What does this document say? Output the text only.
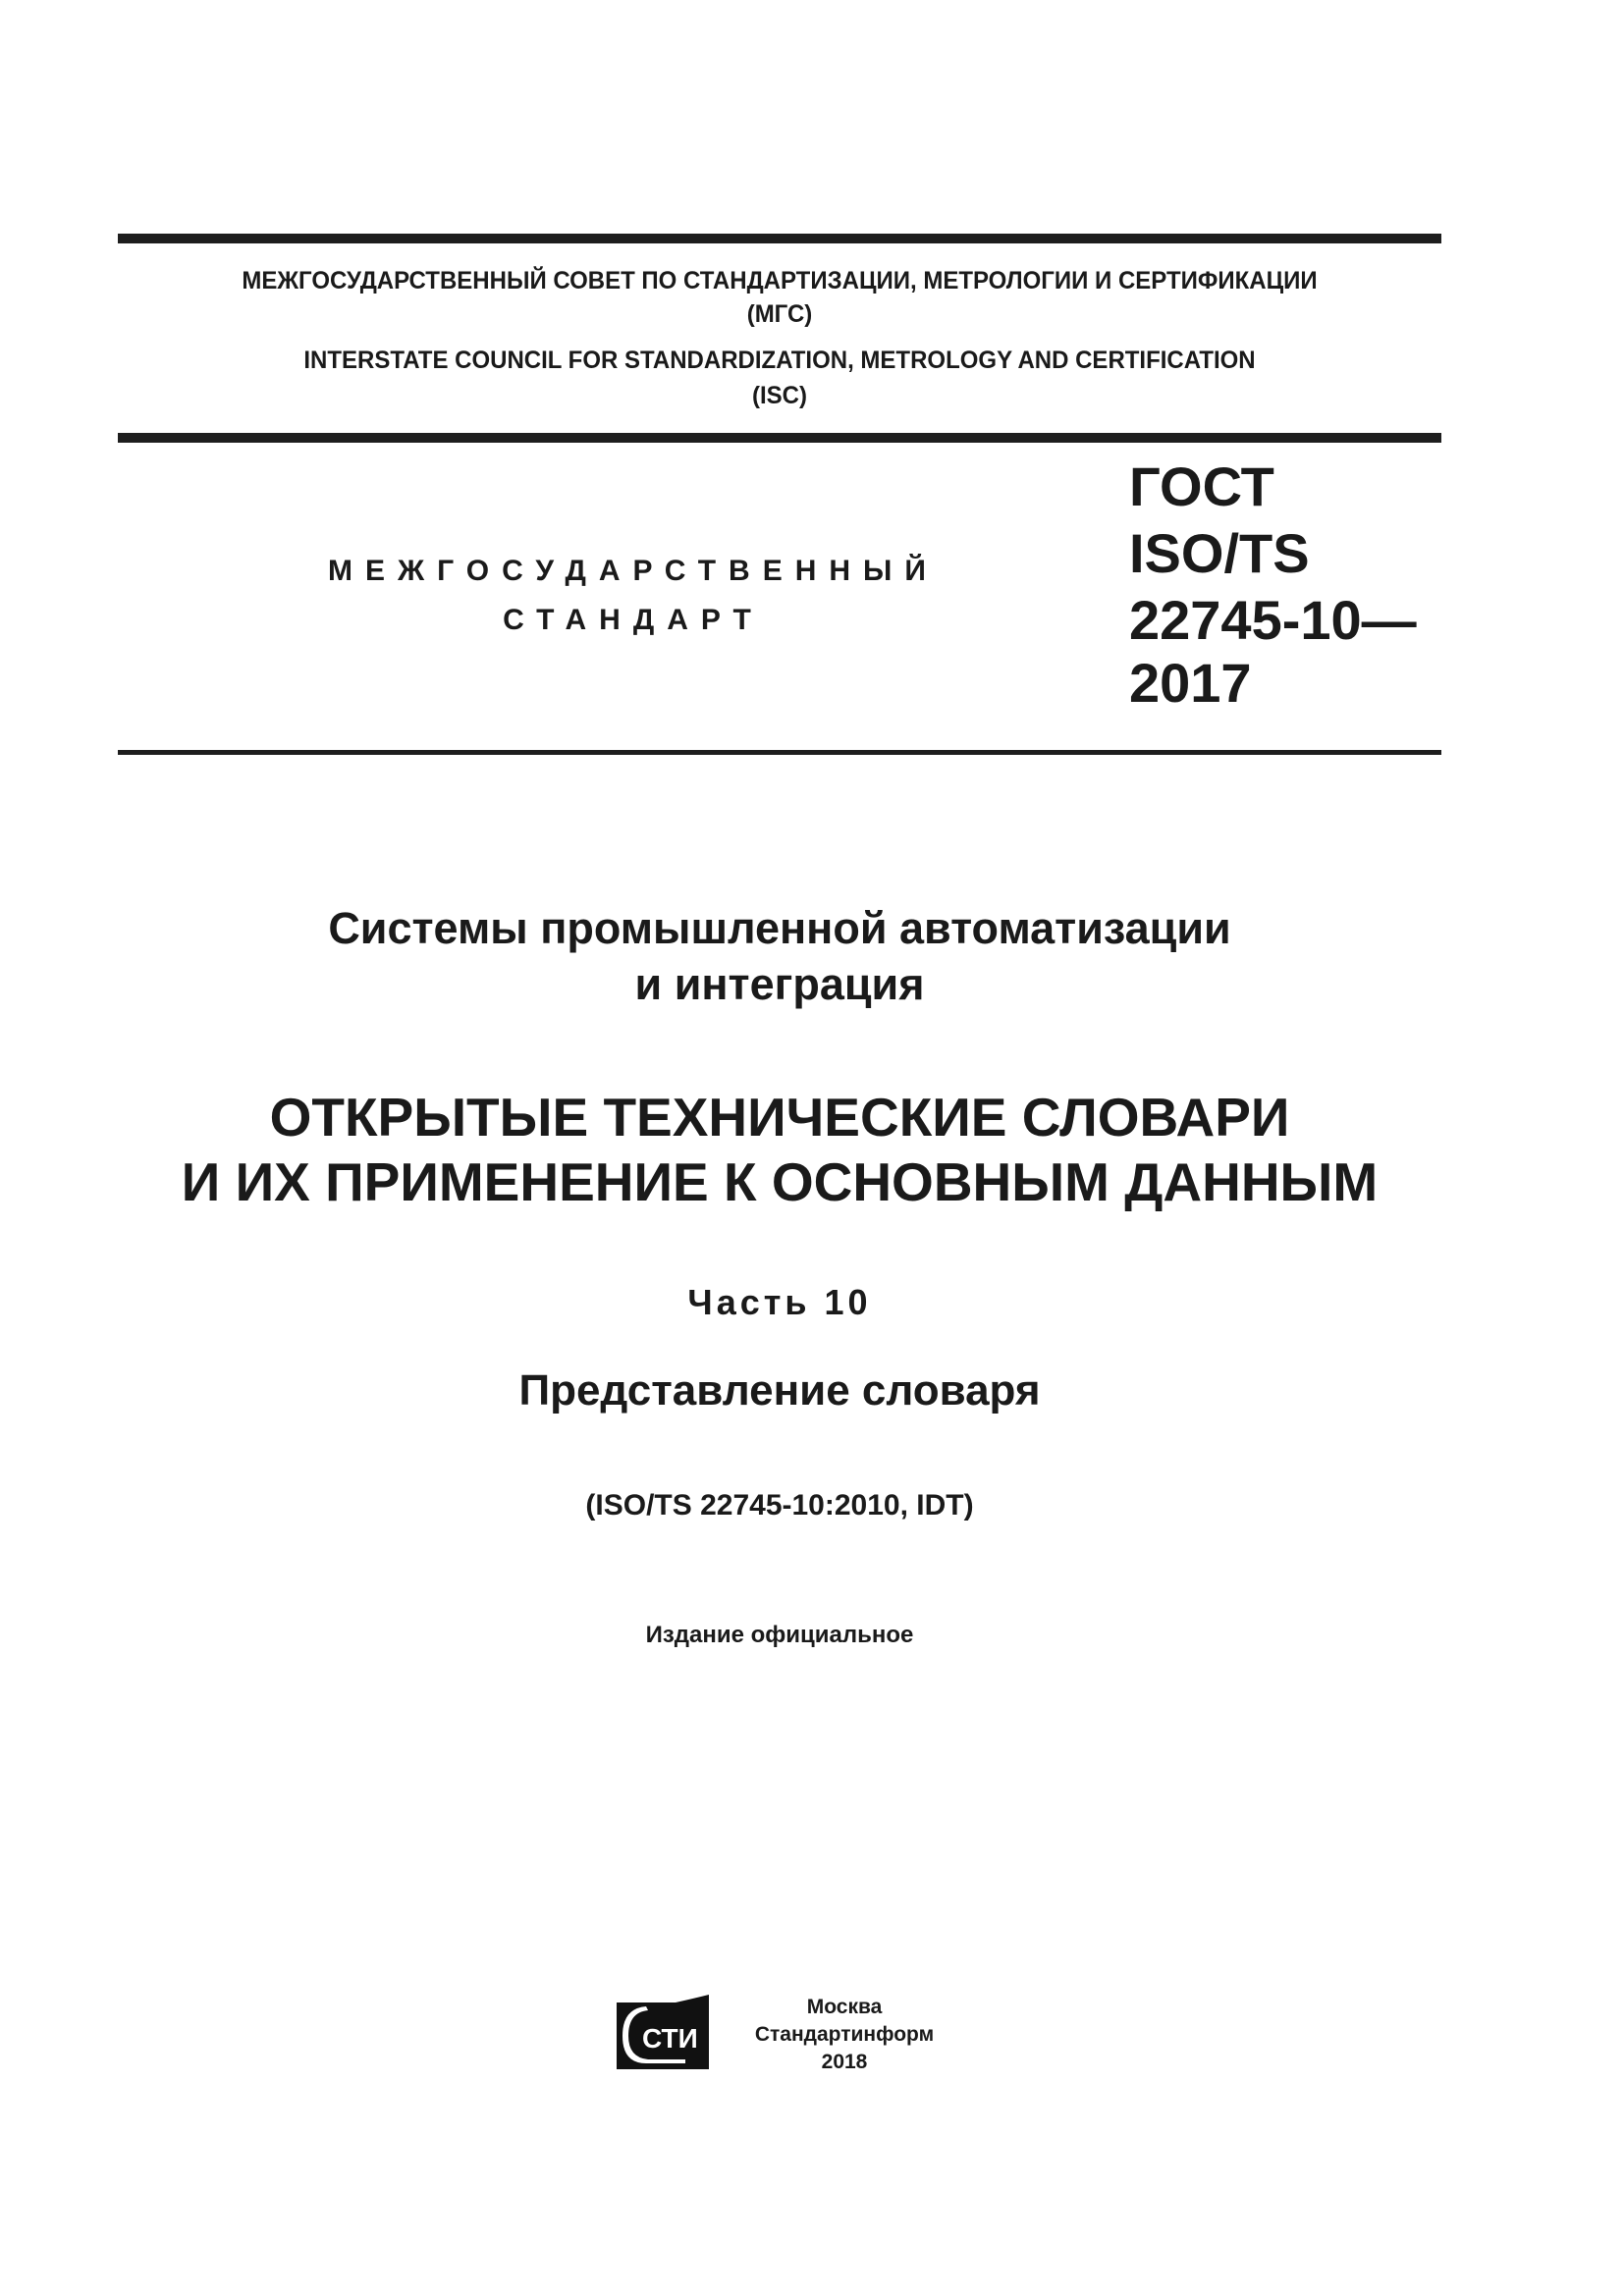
МЕЖГОСУДАРСТВЕННЫЙ СОВЕТ ПО СТАНДАРТИЗАЦИИ, МЕТРОЛОГИИ И СЕРТИФИКАЦИИ
(МГС)
INTERSTATE COUNCIL FOR STANDARDIZATION, METROLOGY AND CERTIFICATION
(ISC)
МЕЖГОСУДАРСТВЕННЫЙ
СТАНДАРТ
ГОСТ
ISO/TS
22745-10—
2017
Системы промышленной автоматизации
и интеграция
ОТКРЫТЫЕ ТЕХНИЧЕСКИЕ СЛОВАРИ
И ИХ ПРИМЕНЕНИЕ К ОСНОВНЫМ ДАННЫМ
Часть 10
Представление словаря
(ISO/TS 22745-10:2010, IDT)
Издание официальное
СТИ
Москва
Стандартинформ
2018
